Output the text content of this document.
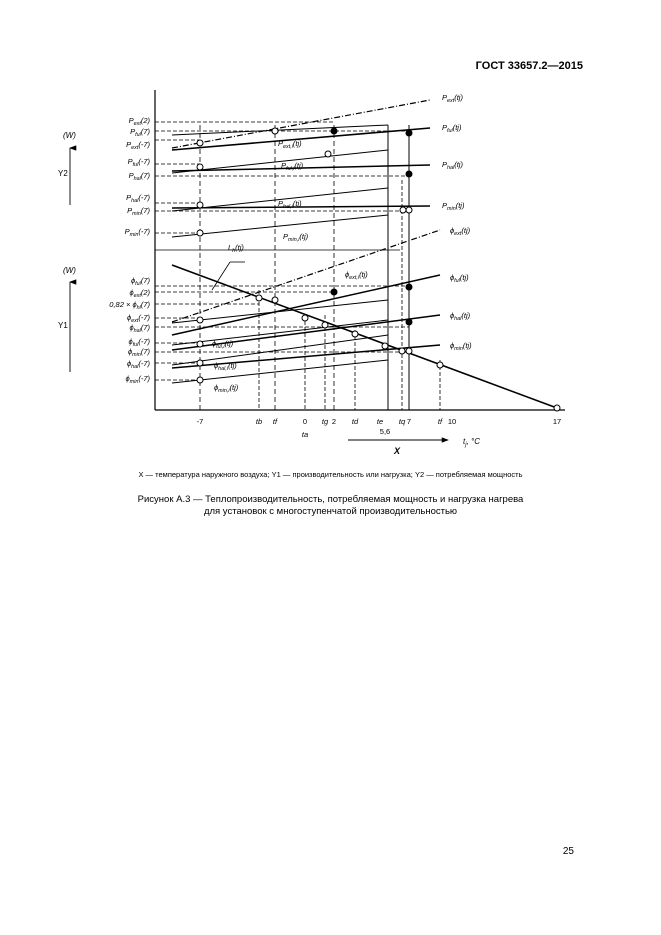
ГОСТ 33657.2—2015
(W)
Y2
(W)
Y1
X
$t_j$, °C
$P_{ext}(2)$
$P_{ful}(7)$
$P_{ext}(-7)$
$P_{ful}(-7)$
$P_{hal}(7)$
$P_{hal}(-7)$
$P_{min}(7)$
$P_{min}(-7)$
$\phi_{ful}(7)$
$\phi_{ext}(2)$
$0,82 \times \phi_{hl}(7)$
$\phi_{ext}(-7)$
$\phi_{hal}(7)$
$\phi_{ful}(-7)$
$\phi_{min}(7)$
$\phi_{hal}(-7)$
$\phi_{min}(-7)$
$P_{ext}(tj)$
$P_{ful}(tj)$
$P_{hal}(tj)$
$P_{min}(tj)$
$\phi_{ext}(tj)$
$\phi_{ful}(tj)$
$\phi_{hal}(tj)$
$\phi_{min}(tj)$
$P_{ext,i}(tj)$
$P_{ful,i}(tj)$
$P_{hal,i}(tj)$
$P_{min,i}(tj)$
$L_h(tj)$
$\phi_{ext,i}(tj)$
$\phi_{ful,i}(tj)$
$\phi_{hal,i}(tj)$
$\phi_{min,i}(tj)$
-7	tb tf	0 tg 2 td te tq 7	tf 10	17
ta	5,6
X — температура наружного воздуха; Y1 — производительность или нагрузка; Y2 — потребляемая мощность
Рисунок А.3 — Теплопроизводительность, потребляемая мощность и нагрузка нагрева
для установок с многоступенчатой производительностью
25
